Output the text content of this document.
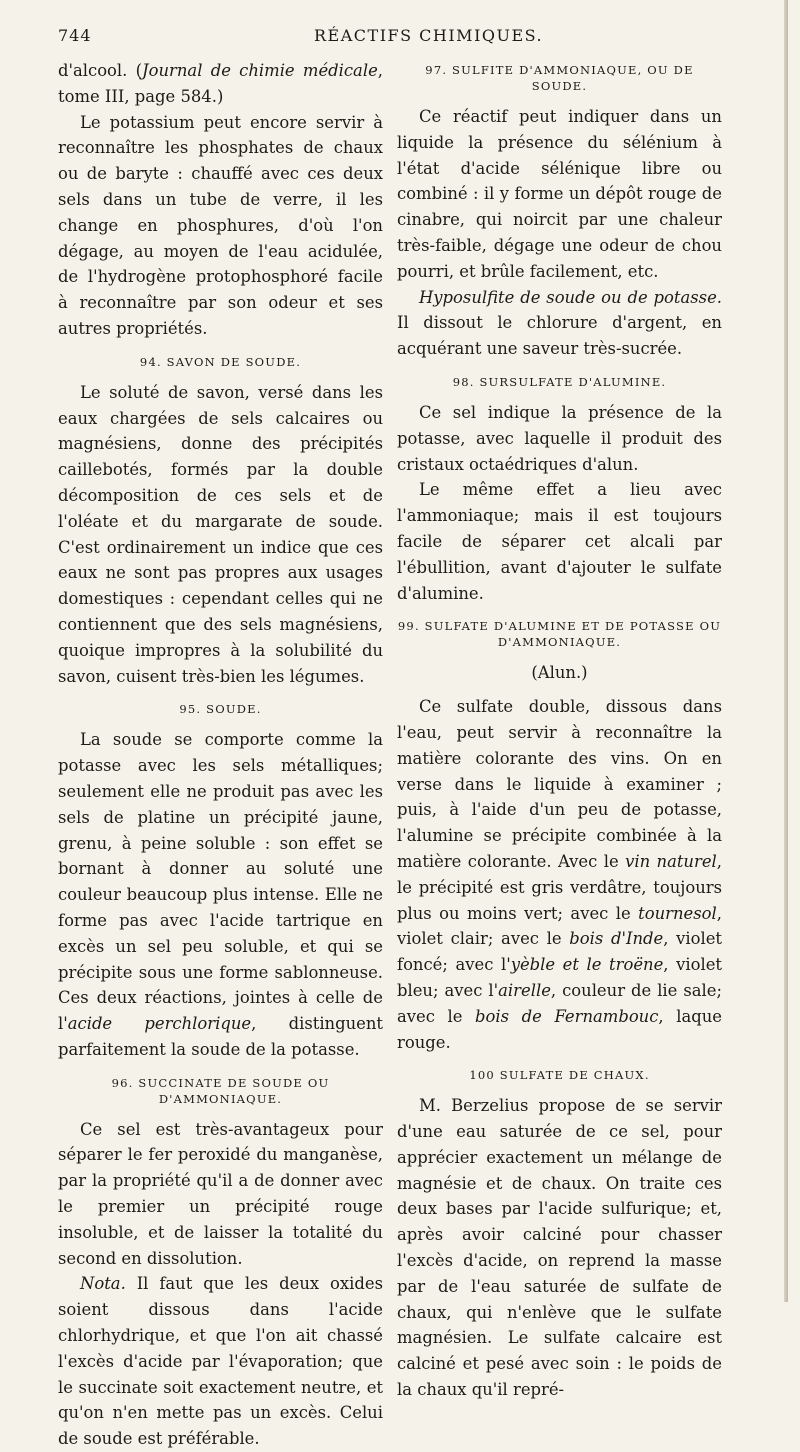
744	RÉACTIFS CHIMIQUES.

d'alcool. (Journal de chimie médicale, tome III, page 584.)

Le potassium peut encore servir à reconnaître les phosphates de chaux ou de baryte : chauffé avec ces deux sels dans un tube de verre, il les change en phosphures, d'où l'on dégage, au moyen de l'eau acidulée, de l'hydrogène protophosphoré facile à reconnaître par son odeur et ses autres propriétés.

94. SAVON DE SOUDE.

Le soluté de savon, versé dans les eaux chargées de sels calcaires ou magnésiens, donne des précipités caillebotés, formés par la double décomposition de ces sels et de l'oléate et du margarate de soude. C'est ordinairement un indice que ces eaux ne sont pas propres aux usages domestiques : cependant celles qui ne contiennent que des sels magnésiens, quoique impropres à la solubilité du savon, cuisent très-bien les légumes.

95. SOUDE.

La soude se comporte comme la potasse avec les sels métalliques; seulement elle ne produit pas avec les sels de platine un précipité jaune, grenu, à peine soluble : son effet se bornant à donner au soluté une couleur beaucoup plus intense. Elle ne forme pas avec l'acide tartrique en excès un sel peu soluble, et qui se précipite sous une forme sablonneuse. Ces deux réactions, jointes à celle de l'acide perchlorique, distinguent parfaitement la soude de la potasse.

96. SUCCINATE DE SOUDE OU D'AMMONIAQUE.

Ce sel est très-avantageux pour séparer le fer peroxidé du manganèse, par la propriété qu'il a de donner avec le premier un précipité rouge insoluble, et de laisser la totalité du second en dissolution.

Nota. Il faut que les deux oxides soient dissous dans l'acide chlorhydrique, et que l'on ait chassé l'excès d'acide par l'évaporation; que le succinate soit exactement neutre, et qu'on n'en mette pas un excès. Celui de soude est préférable.

97. SULFITE D'AMMONIAQUE, OU DE SOUDE.

Ce réactif peut indiquer dans un liquide la présence du sélénium à l'état d'acide sélénique libre ou combiné : il y forme un dépôt rouge de cinabre, qui noircit par une chaleur très-faible, dégage une odeur de chou pourri, et brûle facilement, etc.

Hyposulfite de soude ou de potasse. Il dissout le chlorure d'argent, en acquérant une saveur très-sucrée.

98. SURSULFATE D'ALUMINE.

Ce sel indique la présence de la potasse, avec laquelle il produit des cristaux octaédriques d'alun.

Le même effet a lieu avec l'ammoniaque; mais il est toujours facile de séparer cet alcali par l'ébullition, avant d'ajouter le sulfate d'alumine.

99. SULFATE D'ALUMINE ET DE POTASSE OU D'AMMONIAQUE.
(Alun.)

Ce sulfate double, dissous dans l'eau, peut servir à reconnaître la matière colorante des vins. On en verse dans le liquide à examiner ; puis, à l'aide d'un peu de potasse, l'alumine se précipite combinée à la matière colorante. Avec le vin naturel, le précipité est gris verdâtre, toujours plus ou moins vert; avec le tournesol, violet clair; avec le bois d'Inde, violet foncé; avec l'yèble et le troëne, violet bleu; avec l'airelle, couleur de lie sale; avec le bois de Fernambouc, laque rouge.

100 SULFATE DE CHAUX.

M. Berzelius propose de se servir d'une eau saturée de ce sel, pour apprécier exactement un mélange de magnésie et de chaux. On traite ces deux bases par l'acide sulfurique; et, après avoir calciné pour chasser l'excès d'acide, on reprend la masse par de l'eau saturée de sulfate de chaux, qui n'enlève que le sulfate magnésien. Le sulfate calcaire est calciné et pesé avec soin : le poids de la chaux qu'il repré-
